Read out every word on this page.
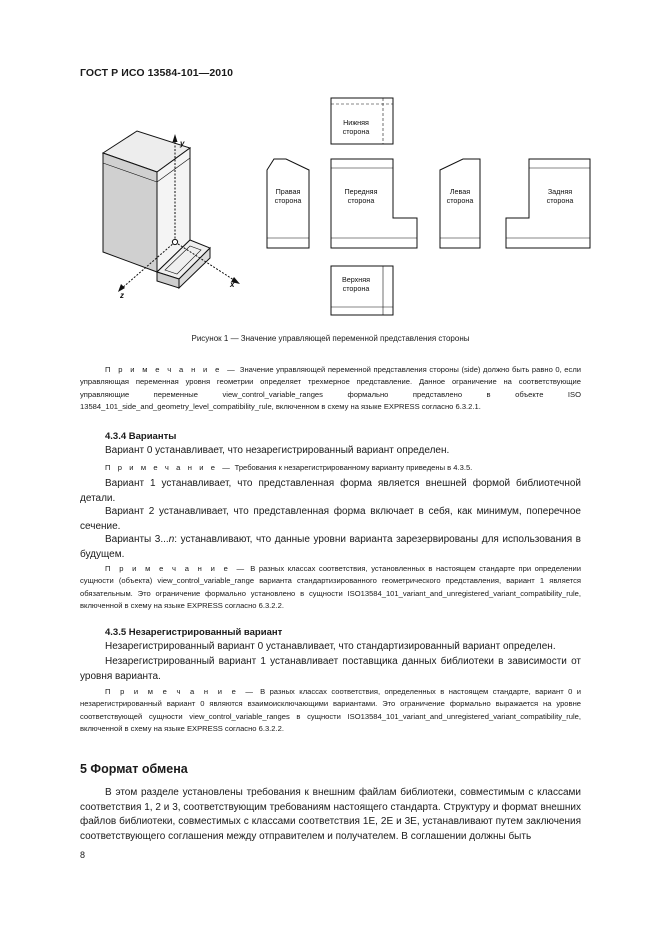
ГОСТ Р ИСО 13584-101—2010
y
x
z
Нижняя
сторона
Правая
сторона
Передняя
сторона
Левая
сторона
Задняя
сторона
Верхняя
сторона
Рисунок 1 — Значение управляющей переменной представления стороны
П р и м е ч а н и е — Значение управляющей переменной представления стороны (side) должно быть равно 0, если управляющая переменная уровня геометрии определяет трехмерное представление. Данное ограничение на соответствующие управляющие переменные view_control_variable_ranges формально представлено в объекте ISO 13584_101_side_and_geometry_level_compatibility_rule, включенном в схему на языке EXPRESS согласно 6.3.2.1.
4.3.4 Варианты
Вариант 0 устанавливает, что незарегистрированный вариант определен.
П р и м е ч а н и е — Требования к незарегистрированному варианту приведены в 4.3.5.
Вариант 1 устанавливает, что представленная форма является внешней формой библиотечной детали.
Вариант 2 устанавливает, что представленная форма включает в себя, как минимум, поперечное сечение.
Варианты 3...n: устанавливают, что данные уровни варианта зарезервированы для использования в будущем.
П р и м е ч а н и е — В разных классах соответствия, установленных в настоящем стандарте при определении сущности (объекта) view_control_variable_range варианта стандартизированного геометрического представления, вариант 1 является обязательным. Это ограничение формально установлено в сущности ISO13584_101_variant_and_unregistered_variant_compatibility_rule, включенной в схему на языке EXPRESS согласно 6.3.2.2.
4.3.5 Незарегистрированный вариант
Незарегистрированный вариант 0 устанавливает, что стандартизированный вариант определен.
Незарегистрированный вариант 1 устанавливает поставщика данных библиотеки в зависимости от уровня варианта.
П р и м е ч а н и е — В разных классах соответствия, определенных в настоящем стандарте, вариант 0 и незарегистрированный вариант 0 являются взаимоисключающими вариантами. Это ограничение формально выражается на уровне соответствующей сущности view_control_variable_ranges в сущности ISO13584_101_variant_and_unregistered_variant_compatibility_rule, включенной в схему на языке EXPRESS согласно 6.3.2.2.
5 Формат обмена
В этом разделе установлены требования к внешним файлам библиотеки, совместимым с классами соответствия 1, 2 и 3, соответствующим требованиям настоящего стандарта. Структуру и формат внешних файлов библиотеки, совместимых с классами соответствия 1E, 2E и 3E, устанавливают путем заключения соответствующего соглашения между отправителем и получателем. В соглашении должны быть
8
